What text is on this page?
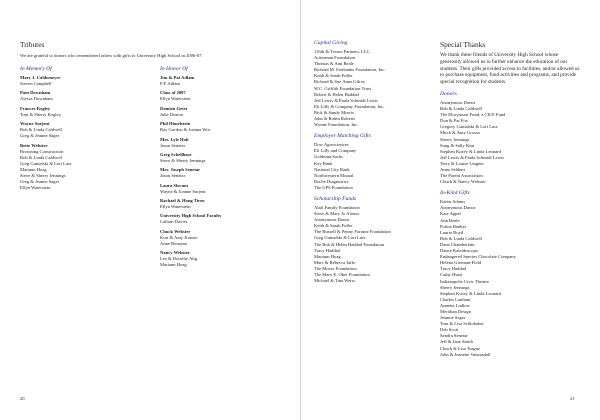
Tributes
We are grateful to donors who remembered others with gifts to University High School in 2006-07.
In Memory Of
Mary J. Caldemeyer
Steven Campbell
Pam Downham
Alyssa Downham
Frances Kegley
Tom & Sherry Kegley
Wayne Surjent
Bob & Linda Caldwell
Greg & Jeanne Sager
Bette Webster
Browning Construction
Bob & Linda Caldwell
Greg Gumalski & Lori Lutz
Mariann Hoag
Steve & Sherry Jennings
Greg & Jeanne Sager
Ellyn Waterstein
In Honor Of
Jim & Pat Adlam
F.P. Adlam
Class of 2007
Ellyn Waterstein
Damien Geter
Julie Deaton
Phil Himelstein
Ray Gordon & Joanna Wos
Mrs. Lyle Holt
Jason Senetar
Greg Schellhase
Steve & Sherry Jennings
Mrs. Joseph Senetar
Jason Senetar
Laura Slocum
Wayne & Joanne Surjent
Rachael & Hong Tireu
Ellyn Waterstein
University High School Faculty
Callum Davies
Chuck Webster
Kurt & Amy Krause
Anne Ronayne
Nancy Webster
Lee & Dorothy Alig
Mariann Hoag
20
Capital Giving
116th & Towne Partners, LLC
Ackerman Foundation
Thomas & Ann Beale
Richard M. Fairbanks Foundation, Inc.
Keith & Sarah Fuller
Richard & Sue Anne Gilroy
W.C. Griffith Foundation Trust
Robert & Helen Haddad
Jeff Lewis & Paula Schmidt Lewis
Eli Lilly & Company Foundation, Inc.
Rick & Sandy Morris
John & Robin Roberts
Wynne Foundation, Inc.
Employer Matching Gifts
Dow Agrosciences
Eli Lilly and Company
Goldman Sachs
Key Bank
National City Bank
Northwestern Mutual
Roche Diagnostics
The UPS Foundation
Scholarship Funds
Alafi Family Foundation
Steve & Mary Jo Alonso
Anonymous Donor
Keith & Sarah Fuller
The Russell & Penny Fortune Foundation
Greg Gumalski & Lori Lutz
The Bob & Helen Haddad Foundation
Tracy Haddad
Mariann Hoag
Marc & Rebecca Jaffe
The Moore Foundation
The Mary E. Ober Foundation
Michael & Tina Weiss
Special Thanks
We thank these friends of University High School whose generosity allowed us to further enhance the education of our students. Their gifts provided access to facilities, and/or allowed us to purchase equipment, fund activities and programs, and provide special recognition for students.
Donors
Anonymous Donor
Bob & Linda Caldwell
The Elroymson Fund, a CICF Fund
Don & Pat Fox
Gregory Gumalski & Lori Lutz
Mitch & Amy Grossa
Sherry Jennings
Sung & Sally Kim
Stephen Kozey & Linda Leonard
Jeff Lewis & Paula Schmidt Lewis
Terry & Louise Lingner
Anna Seldner
The Parent Association
Chuck & Nancy Webster
In-Kind Gifts
Karen Adams
Anonymous Donor
Kate Appel
Ann Beale
Polina Benker
Laurie Boyd
Bob & Linda Caldwell
Dana Chamberlain
Dance Kaleidoscope
Endangered Species Chocolate Company
Helena Gierman-Field
Tracy Haddad
Cathy Hurst
Indianapolis Civic Theatre
Sherry Jennings
Stephen Kozey & Linda Leonard
Charles Lanham
Annette Ludlow
Meridian Design
Jeannie Sager
Tom & Lisa Schlobaher
Deb Scott
Sandra Senetar
Jeff & Jane Smith
Chuck & Lisa Teague
John & Jeanette Vanausdall
21
